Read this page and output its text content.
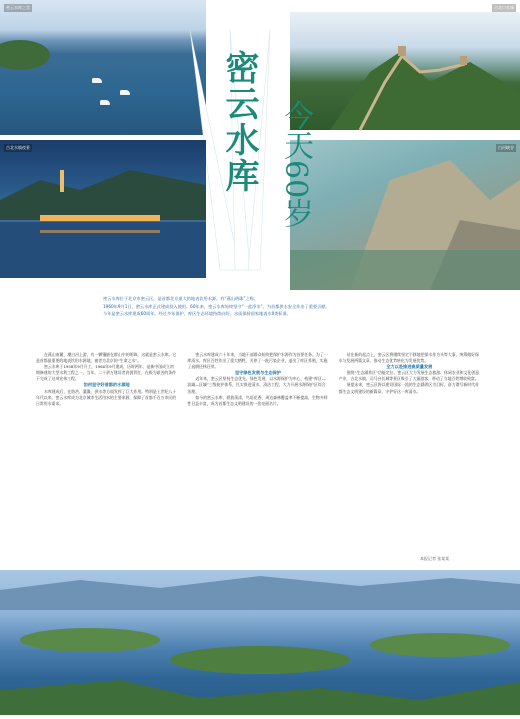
密云水库之美	古北口长城
古北水镇夜景	白河峡谷
密云水库 今天60岁

密云水库位于北京市密云区，是首都北京最大的地表饮用水源，有“燕山明珠”之称。

1960年9月1日，密云水库正式建成投入使用。60年来，密云水库始终坚守“一盆净水”，为首都供水安全作出了重要贡献。

今年是密云水库建成60周年。经过多年保护，库区生态环境持续向好，水质保持国家地表水II类标准。

在燕山南麓，潮白河上游，有一颗镶嵌在群山中的明珠，这就是密云水库。它是首都最重要的地表饮用水源地，被誉为北京的“生命之水”。

密云水库于1958年9月开工，1960年9月建成，历时两年，是新中国成立初期修建的大型水利工程之一。当年，二十余万建设者肩挑背扛，在极为艰苦的条件下完成了这项宏伟工程。

如何坚守好首都的水源地

水库建成后，在防洪、灌溉、供水等方面发挥了巨大作用。特别是上世纪八十年代以来，密云水库成为北京城市生活用水的主要来源，保障了首都千百万市民的日常用水需求。

密云水库建成六十年来，当地干部群众始终把保护水源作为首要任务。为了一库清水，库区百姓作出了重大牺牲，关停了一批污染企业，退出了库区养殖，实施了退耕还林还草。

坚守绿色发展与生态保护

近年来，密云区坚持生态优先、绿色发展，以水源保护为中心，构建“库区—流域—区域”三级防护体系，扎实推进清水、清洁工程，大力开展水源保护区综合治理。

如今的密云水库，碧波荡漾，鸟语花香，周边森林覆盖率不断提高，生物多样性日益丰富，成为首都生态文明建设的一张亮丽名片。

站在新的起点上，密云区将继续坚定不移地把保水作为头等大事，统筹做好保水与发展两篇文章，推动生态优势转化为发展优势。

全力以赴推进高质量发展

围绕“生态涵养区”功能定位，密云区大力发展生态旅游、休闲农业和文化创意产业，古北水镇、司马台长城等景区吸引了大量游客，带动了当地百姓增收致富。

展望未来，密云区将以建设国际一流的生态涵养区为目标，奋力谱写新时代首都生态文明建设的新篇章，守护好这一库清水。

本报记者 张某某
